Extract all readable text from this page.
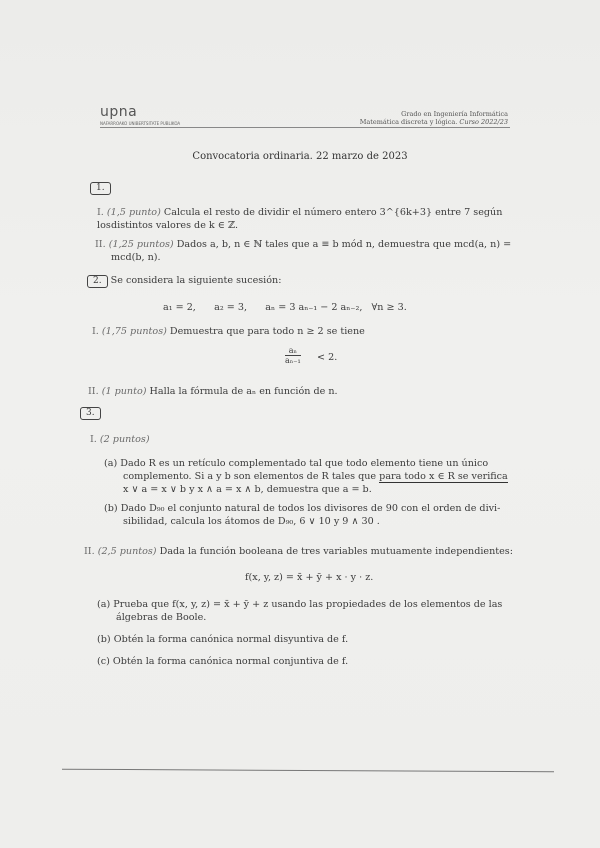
upna
NAFARROAKO UNIBERTSITATE PUBLIKOA
Grado en Ingeniería Informática
Matemática discreta y lógica. Curso 2022/23
Convocatoria ordinaria. 22 marzo de 2023
1.
I. (1,5 punto) Calcula el resto de dividir el número entero 3^{6k+3} entre 7 según los distintos valores de k ∈ ℤ.
II. (1,25 puntos) Dados a, b, n ∈ ℕ tales que a ≡ b mód n, demuestra que mcd(a, n) =
mcd(b, n).
2. Se considera la siguiente sucesión:
a₁ = 2,      a₂ = 3,      aₙ = 3 aₙ₋₁ − 2 aₙ₋₂,   ∀n ≥ 3.
I. (1,75 puntos) Demuestra que para todo n ≥ 2 se tiene
$\frac{\text{aₙ}}{\text{aₙ₋₁}} < 2$.
II. (1 punto) Halla la fórmula de aₙ en función de n.
3.
I. (2 puntos)
(a) Dado R es un retículo complementado tal que todo elemento tiene un único
complemento. Si a y b son elementos de R tales que para todo x ∈ R se verifica
x ∨ a = x ∨ b y x ∧ a = x ∧ b, demuestra que a = b.
(b) Dado D₉₀ el conjunto natural de todos los divisores de 90 con el orden de divi-
sibilidad, calcula los átomos de D₉₀, 6 ∨ 10 y 9 ∧ 30 .
II. (2,5 puntos) Dada la función booleana de tres variables mutuamente independientes:
f(x, y, z) = x̄ + ȳ + x · y · z.
(a) Prueba que f(x, y, z) = x̄ + ȳ + z usando las propiedades de los elementos de las
álgebras de Boole.
(b) Obtén la forma canónica normal disyuntiva de f.
(c) Obtén la forma canónica normal conjuntiva de f.
